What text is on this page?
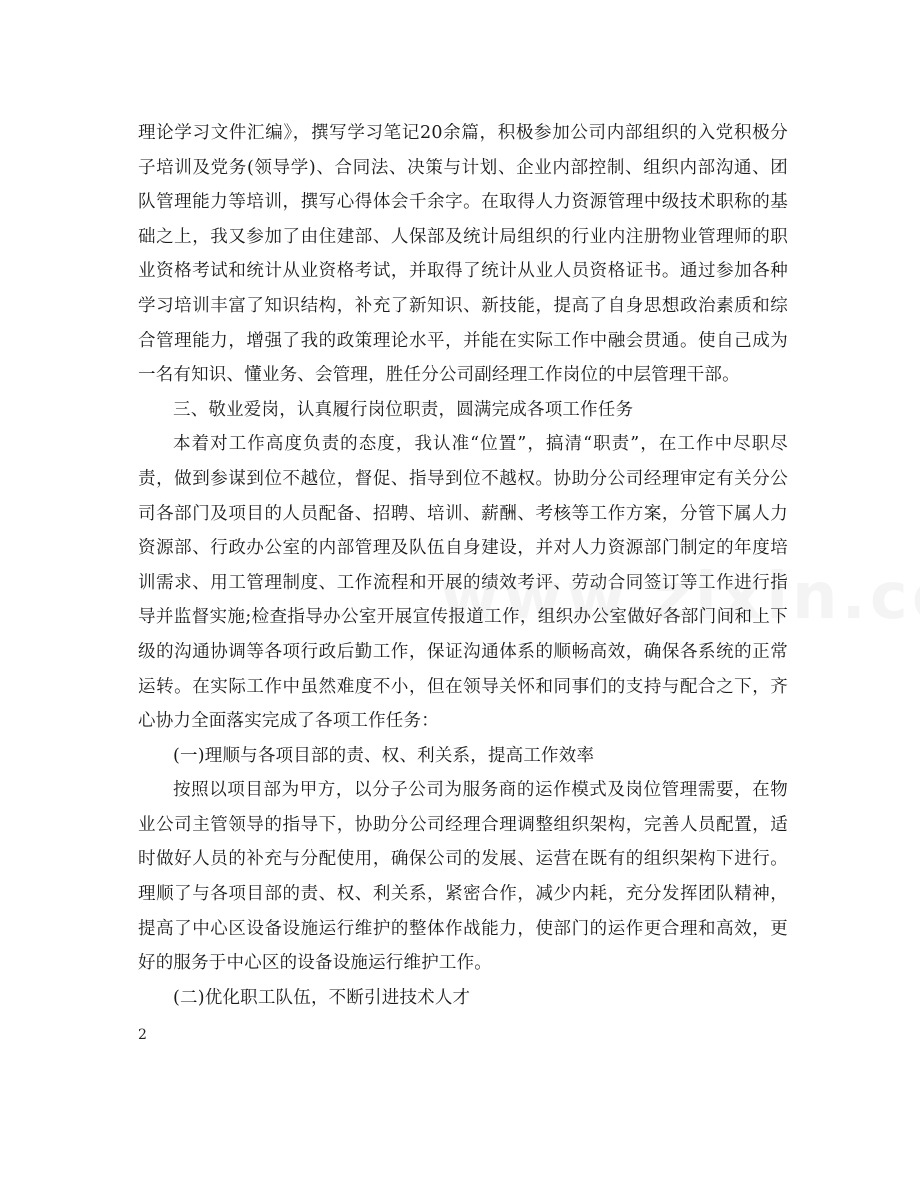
理论学习文件汇编》，撰写学习笔记20余篇，积极参加公司内部组织的入党积极分子培训及党务(领导学)、合同法、决策与计划、企业内部控制、组织内部沟通、团队管理能力等培训，撰写心得体会千余字。在取得人力资源管理中级技术职称的基础之上，我又参加了由住建部、人保部及统计局组织的行业内注册物业管理师的职业资格考试和统计从业资格考试，并取得了统计从业人员资格证书。通过参加各种学习培训丰富了知识结构，补充了新知识、新技能，提高了自身思想政治素质和综合管理能力，增强了我的政策理论水平，并能在实际工作中融会贯通。使自己成为一名有知识、懂业务、会管理，胜任分公司副经理工作岗位的中层管理干部。

三、敬业爱岗，认真履行岗位职责，圆满完成各项工作任务

本着对工作高度负责的态度，我认准“位置”，搞清“职责”，在工作中尽职尽责，做到参谋到位不越位，督促、指导到位不越权。协助分公司经理审定有关分公司各部门及项目的人员配备、招聘、培训、薪酬、考核等工作方案，分管下属人力资源部、行政办公室的内部管理及队伍自身建设，并对人力资源部门制定的年度培训需求、用工管理制度、工作流程和开展的绩效考评、劳动合同签订等工作进行指导并监督实施;检查指导办公室开展宣传报道工作，组织办公室做好各部门间和上下级的沟通协调等各项行政后勤工作，保证沟通体系的顺畅高效，确保各系统的正常运转。在实际工作中虽然难度不小，但在领导关怀和同事们的支持与配合之下，齐心协力全面落实完成了各项工作任务：

(一)理顺与各项目部的责、权、利关系，提高工作效率

按照以项目部为甲方，以分子公司为服务商的运作模式及岗位管理需要，在物业公司主管领导的指导下，协助分公司经理合理调整组织架构，完善人员配置，适时做好人员的补充与分配使用，确保公司的发展、运营在既有的组织架构下进行。理顺了与各项目部的责、权、利关系，紧密合作，减少内耗，充分发挥团队精神，提高了中心区设备设施运行维护的整体作战能力，使部门的运作更合理和高效，更好的服务于中心区的设备设施运行维护工作。

(二)优化职工队伍，不断引进技术人才

2
